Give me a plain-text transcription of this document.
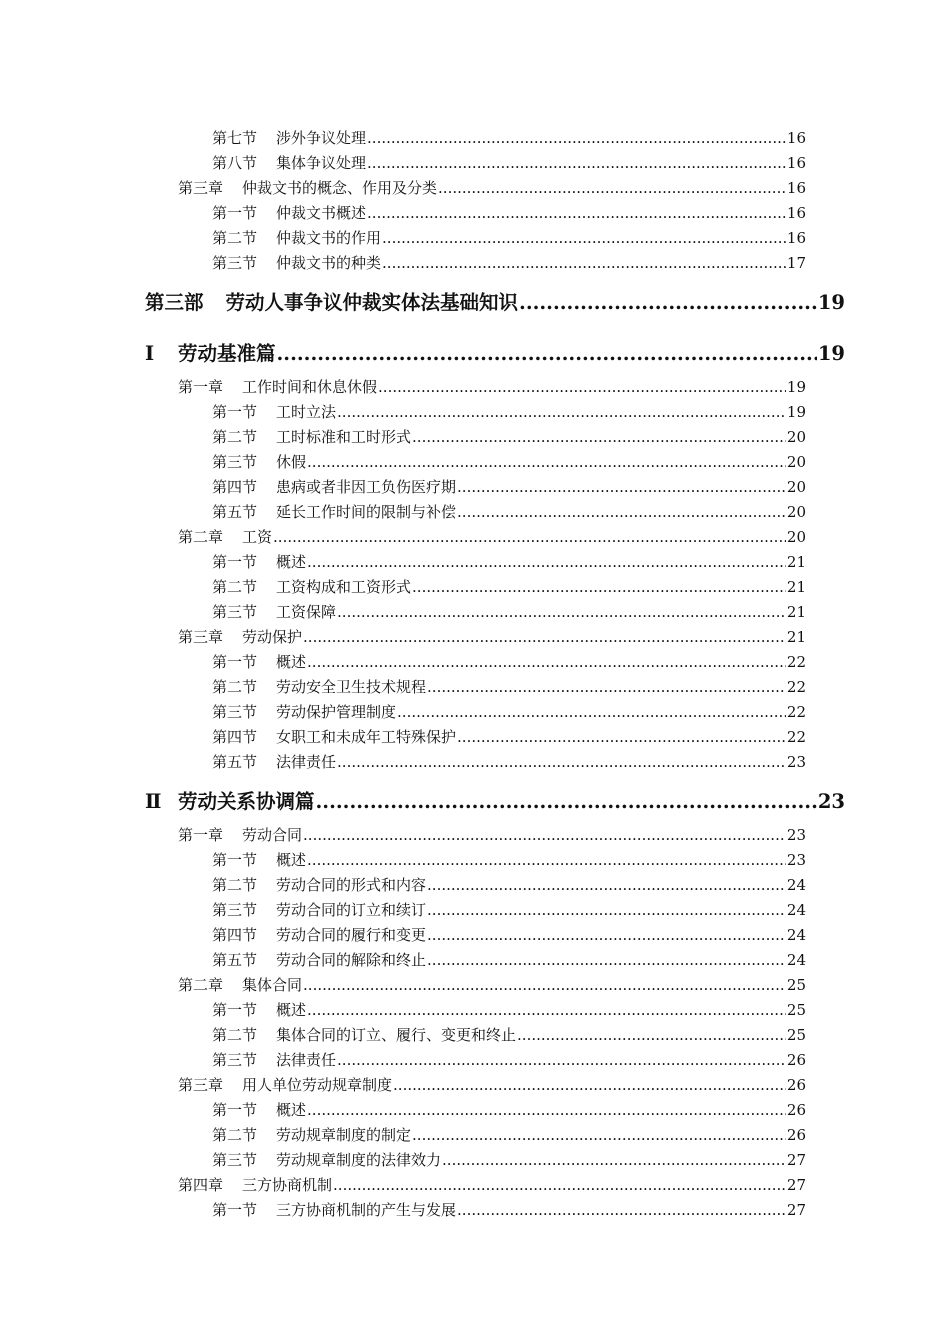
第七节 涉外争议处理 .....	16
第八节 集体争议处理 .....	16
第三章 仲裁文书的概念、作用及分类 .....	16
第一节 仲裁文书概述 .....	16
第二节 仲裁文书的作用 .....	16
第三节 仲裁文书的种类 .....	17
第三部 劳动人事争议仲裁实体法基础知识 .....	19
Ⅰ 劳动基准篇 .....	19
第一章 工作时间和休息休假 .....	19
第一节 工时立法 .....	19
第二节 工时标准和工时形式 .....	20
第三节 休假 .....	20
第四节 患病或者非因工负伤医疗期 .....	20
第五节 延长工作时间的限制与补偿 .....	20
第二章 工资 .....	20
第一节 概述 .....	21
第二节 工资构成和工资形式 .....	21
第三节 工资保障 .....	21
第三章 劳动保护 .....	21
第一节 概述 .....	22
第二节 劳动安全卫生技术规程 .....	22
第三节 劳动保护管理制度 .....	22
第四节 女职工和未成年工特殊保护 .....	22
第五节 法律责任 .....	23
Ⅱ 劳动关系协调篇 .....	23
第一章 劳动合同 .....	23
第一节 概述 .....	23
第二节 劳动合同的形式和内容 .....	24
第三节 劳动合同的订立和续订 .....	24
第四节 劳动合同的履行和变更 .....	24
第五节 劳动合同的解除和终止 .....	24
第二章 集体合同 .....	25
第一节 概述 .....	25
第二节 集体合同的订立、履行、变更和终止 .....	25
第三节 法律责任 .....	26
第三章 用人单位劳动规章制度 .....	26
第一节 概述 .....	26
第二节 劳动规章制度的制定 .....	26
第三节 劳动规章制度的法律效力 .....	27
第四章 三方协商机制 .....	27
第一节 三方协商机制的产生与发展 .....	27
